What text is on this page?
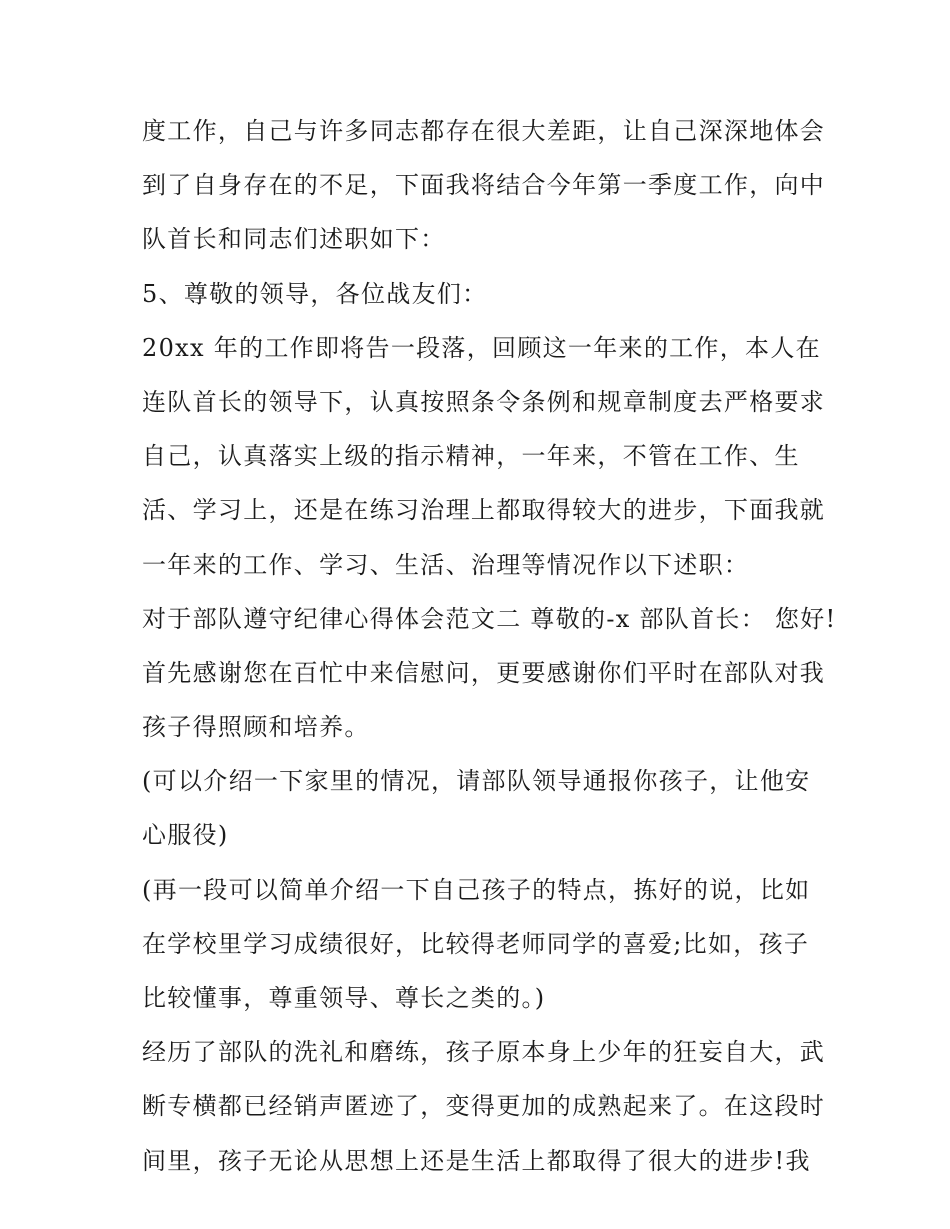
度工作，自己与许多同志都存在很大差距，让自己深深地体会
到了自身存在的不足，下面我将结合今年第一季度工作，向中
队首长和同志们述职如下：
5、尊敬的领导，各位战友们：
20xx 年的工作即将告一段落，回顾这一年来的工作，本人在
连队首长的领导下，认真按照条令条例和规章制度去严格要求
自己，认真落实上级的指示精神，一年来，不管在工作、生
活、学习上，还是在练习治理上都取得较大的进步，下面我就
一年来的工作、学习、生活、治理等情况作以下述职：
对于部队遵守纪律心得体会范文二 尊敬的-x 部队首长： 您好!
首先感谢您在百忙中来信慰问，更要感谢你们平时在部队对我
孩子得照顾和培养。
(可以介绍一下家里的情况，请部队领导通报你孩子，让他安
心服役)
(再一段可以简单介绍一下自己孩子的特点，拣好的说，比如
在学校里学习成绩很好，比较得老师同学的喜爱;比如，孩子
比较懂事，尊重领导、尊长之类的。)
经历了部队的洗礼和磨练，孩子原本身上少年的狂妄自大，武
断专横都已经销声匿迹了，变得更加的成熟起来了。在这段时
间里，孩子无论从思想上还是生活上都取得了很大的进步!我
